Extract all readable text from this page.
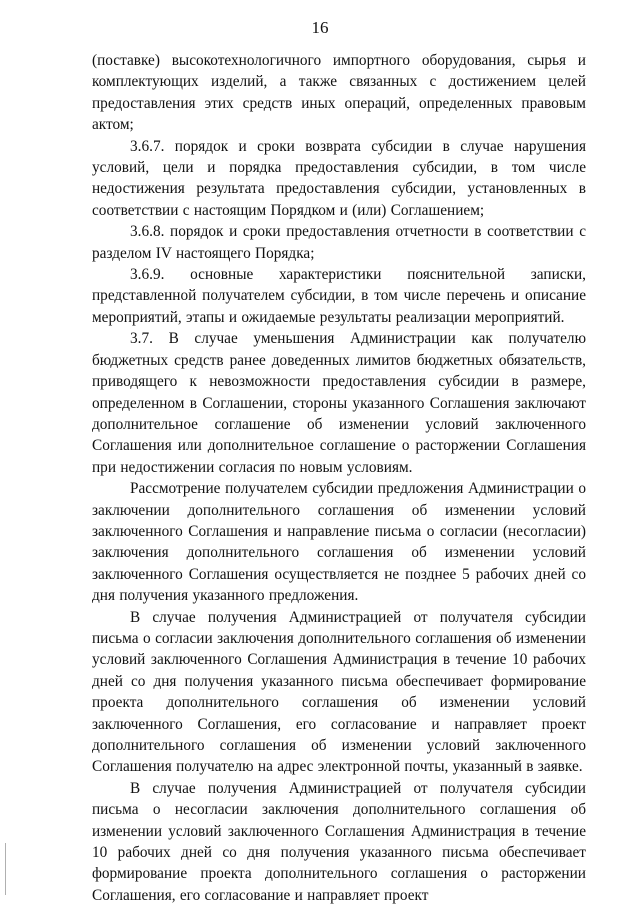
16

(поставке) высокотехнологичного импортного оборудования, сырья и комплектующих изделий, а также связанных с достижением целей предоставления этих средств иных операций, определенных правовым актом;

3.6.7. порядок и сроки возврата субсидии в случае нарушения условий, цели и порядка предоставления субсидии, в том числе недостижения результата предоставления субсидии, установленных в соответствии с настоящим Порядком и (или) Соглашением;

3.6.8. порядок и сроки предоставления отчетности в соответствии с разделом IV настоящего Порядка;

3.6.9. основные характеристики пояснительной записки, представленной получателем субсидии, в том числе перечень и описание мероприятий, этапы и ожидаемые результаты реализации мероприятий.

3.7. В случае уменьшения Администрации как получателю бюджетных средств ранее доведенных лимитов бюджетных обязательств, приводящего к невозможности предоставления субсидии в размере, определенном в Соглашении, стороны указанного Соглашения заключают дополнительное соглашение об изменении условий заключенного Соглашения или дополнительное соглашение о расторжении Соглашения при недостижении согласия по новым условиям.

Рассмотрение получателем субсидии предложения Администрации о заключении дополнительного соглашения об изменении условий заключенного Соглашения и направление письма о согласии (несогласии) заключения дополнительного соглашения об изменении условий заключенного Соглашения осуществляется не позднее 5 рабочих дней со дня получения указанного предложения.

В случае получения Администрацией от получателя субсидии письма о согласии заключения дополнительного соглашения об изменении условий заключенного Соглашения Администрация в течение 10 рабочих дней со дня получения указанного письма обеспечивает формирование проекта дополнительного соглашения об изменении условий заключенного Соглашения, его согласование и направляет проект дополнительного соглашения об изменении условий заключенного Соглашения получателю на адрес электронной почты, указанный в заявке.

В случае получения Администрацией от получателя субсидии письма о несогласии заключения дополнительного соглашения об изменении условий заключенного Соглашения Администрация в течение 10 рабочих дней со дня получения указанного письма обеспечивает формирование проекта дополнительного соглашения о расторжении Соглашения, его согласование и направляет проект
